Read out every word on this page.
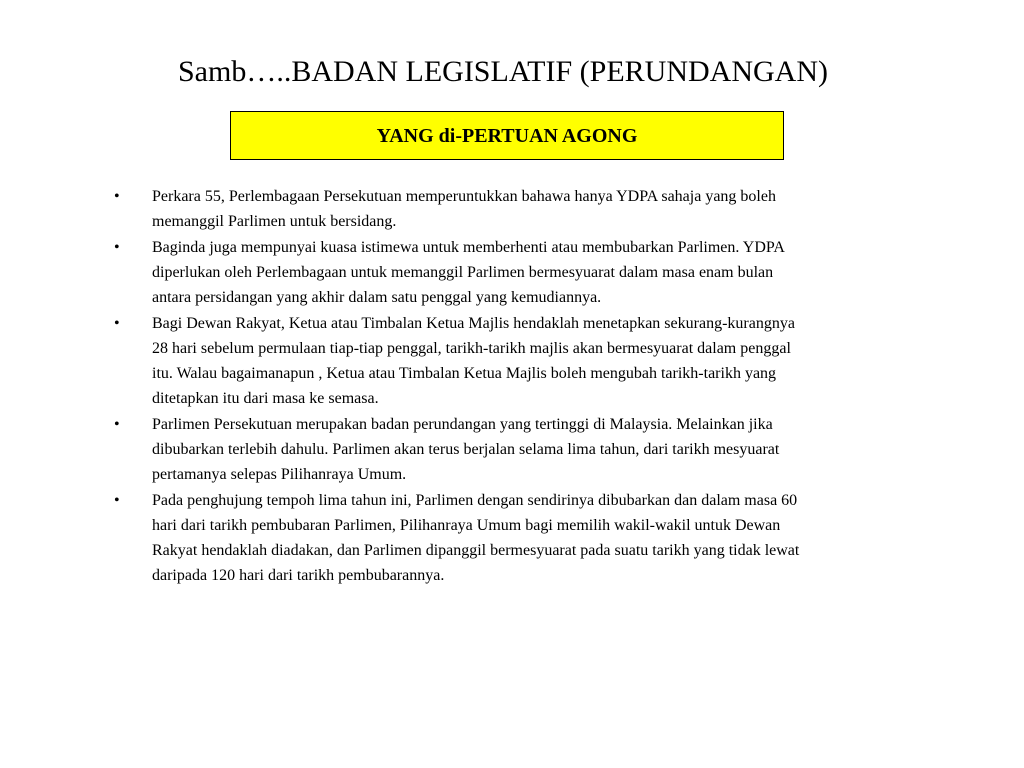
Samb…..BADAN LEGISLATIF (PERUNDANGAN)
YANG di-PERTUAN AGONG
• Perkara 55, Perlembagaan Persekutuan memperuntukkan bahawa hanya YDPA sahaja yang boleh memanggil Parlimen untuk bersidang.
• Baginda juga mempunyai kuasa istimewa untuk memberhenti atau membubarkan Parlimen. YDPA diperlukan oleh Perlembagaan untuk memanggil Parlimen bermesyuarat dalam masa enam bulan antara persidangan yang akhir dalam satu penggal yang kemudiannya.
• Bagi Dewan Rakyat, Ketua atau Timbalan Ketua Majlis hendaklah menetapkan sekurang-kurangnya 28 hari sebelum permulaan tiap-tiap penggal, tarikh-tarikh majlis akan bermesyuarat dalam penggal itu. Walau bagaimanapun , Ketua atau Timbalan Ketua Majlis boleh mengubah tarikh-tarikh yang ditetapkan itu dari masa ke semasa.
• Parlimen Persekutuan merupakan badan perundangan yang tertinggi di Malaysia. Melainkan jika dibubarkan terlebih dahulu. Parlimen akan terus berjalan selama lima tahun, dari tarikh mesyuarat pertamanya selepas Pilihanraya Umum.
• Pada penghujung tempoh lima tahun ini, Parlimen dengan sendirinya dibubarkan dan dalam masa 60 hari dari tarikh pembubaran Parlimen, Pilihanraya Umum bagi memilih wakil-wakil untuk Dewan Rakyat hendaklah diadakan, dan Parlimen dipanggil bermesyuarat pada suatu tarikh yang tidak lewat daripada 120 hari dari tarikh pembubarannya.
